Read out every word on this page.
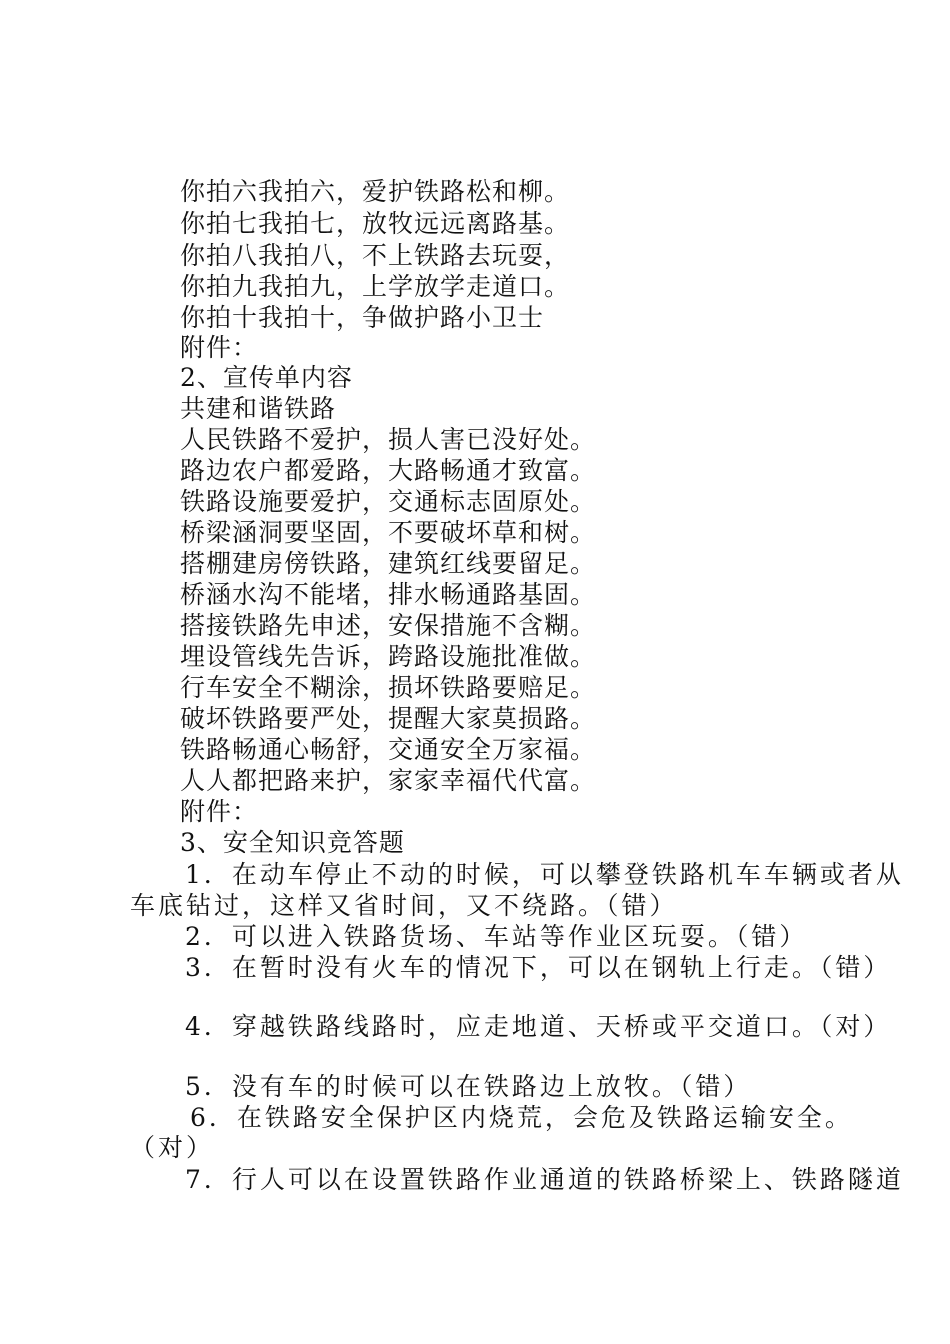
你拍六我拍六，爱护铁路松和柳。
你拍七我拍七，放牧远远离路基。
你拍八我拍八，不上铁路去玩耍，
你拍九我拍九，上学放学走道口。
你拍十我拍十，争做护路小卫士
附件：
2、宣传单内容
共建和谐铁路
人民铁路不爱护，损人害已没好处。
路边农户都爱路，大路畅通才致富。
铁路设施要爱护，交通标志固原处。
桥梁涵洞要坚固，不要破坏草和树。
搭棚建房傍铁路，建筑红线要留足。
桥涵水沟不能堵，排水畅通路基固。
搭接铁路先申述，安保措施不含糊。
埋设管线先告诉，跨路设施批准做。
行车安全不糊涂，损坏铁路要赔足。
破坏铁路要严处，提醒大家莫损路。
铁路畅通心畅舒，交通安全万家福。
人人都把路来护，家家幸福代代富。
附件：
3、安全知识竞答题
1．在动车停止不动的时候，可以攀登铁路机车车辆或者从
车底钻过，这样又省时间，又不绕路。（错）
2．可以进入铁路货场、车站等作业区玩耍。（错）
3．在暂时没有火车的情况下，可以在钢轨上行走。（错）
4．穿越铁路线路时，应走地道、天桥或平交道口。（对）
5．没有车的时候可以在铁路边上放牧。（错）
6．在铁路安全保护区内烧荒，会危及铁路运输安全。
（对）
7．行人可以在设置铁路作业通道的铁路桥梁上、铁路隧道
